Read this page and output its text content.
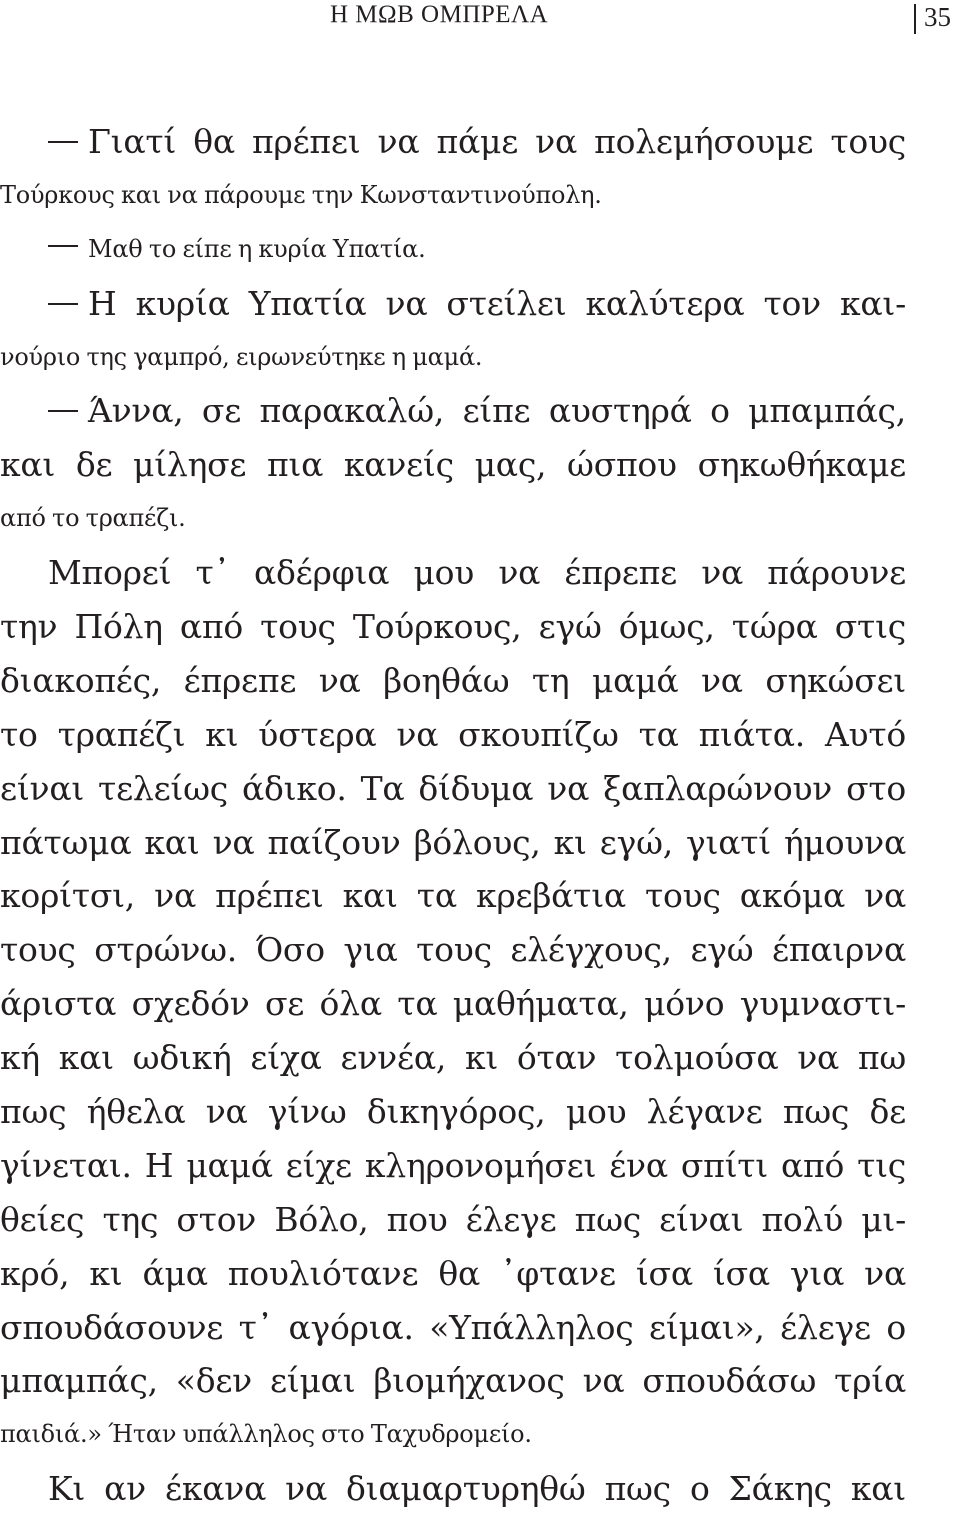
Η ΜΩΒ ΟΜΠΡΕΛΑ	35
Γιατί θα πρέπει να πάμε να πολεμήσουμε τους
Τούρκους και να πάρουμε την Κωνσταντινούπολη.
Μαθ το είπε η κυρία Υπατία.
Η κυρία Υπατία να στείλει καλύτερα τον και-
νούριο της γαμπρό, ειρωνεύτηκε η μαμά.
Άννα, σε παρακαλώ, είπε αυστηρά ο μπαμπάς,
και δε μίλησε πια κανείς μας, ώσπου σηκωθήκαμε
από το τραπέζι.
Μπορεί τ᾿ αδέρφια μου να έπρεπε να πάρουνε
την Πόλη από τους Τούρκους, εγώ όμως, τώρα στις
διακοπές, έπρεπε να βοηθάω τη μαμά να σηκώσει
το τραπέζι κι ύστερα να σκουπίζω τα πιάτα. Αυτό
είναι τελείως άδικο. Τα δίδυμα να ξαπλαρώνουν στο
πάτωμα και να παίζουν βόλους, κι εγώ, γιατί ήμουνα
κορίτσι, να πρέπει και τα κρεβάτια τους ακόμα να
τους στρώνω. Όσο για τους ελέγχους, εγώ έπαιρνα
άριστα σχεδόν σε όλα τα μαθήματα, μόνο γυμναστι-
κή και ωδική είχα εννέα, κι όταν τολμούσα να πω
πως ήθελα να γίνω δικηγόρος, μου λέγανε πως δε
γίνεται. Η μαμά είχε κληρονομήσει ένα σπίτι από τις
θείες της στον Βόλο, που έλεγε πως είναι πολύ μι-
κρό, κι άμα πουλιότανε θα ᾿φτανε ίσα ίσα για να
σπουδάσουνε τ᾿ αγόρια. «Υπάλληλος είμαι», έλεγε ο
μπαμπάς, «δεν είμαι βιομήχανος να σπουδάσω τρία
παιδιά.» Ήταν υπάλληλος στο Ταχυδρομείο.
Κι αν έκανα να διαμαρτυρηθώ πως ο Σάκης και
